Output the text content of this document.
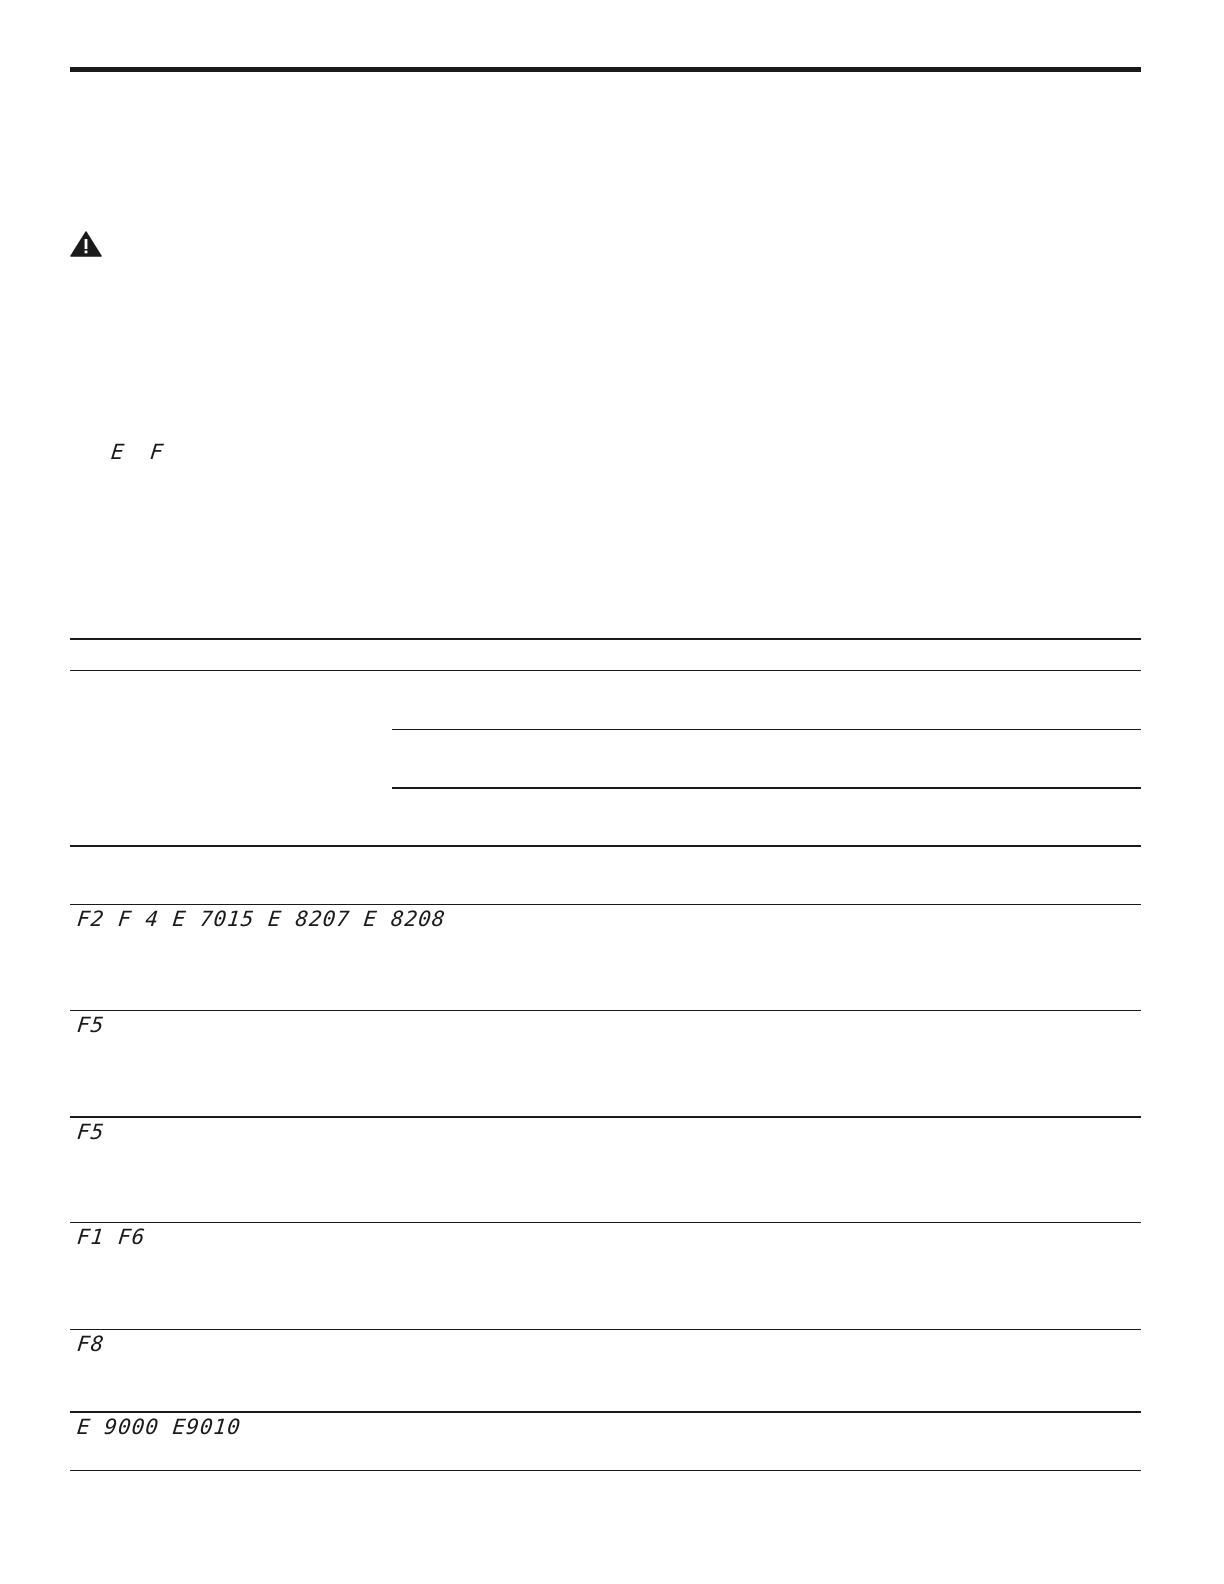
E F
F2 F 4 E 7015 E 8207 E 8208
F5
F5
F1 F6
F8
E 9000 E9010
